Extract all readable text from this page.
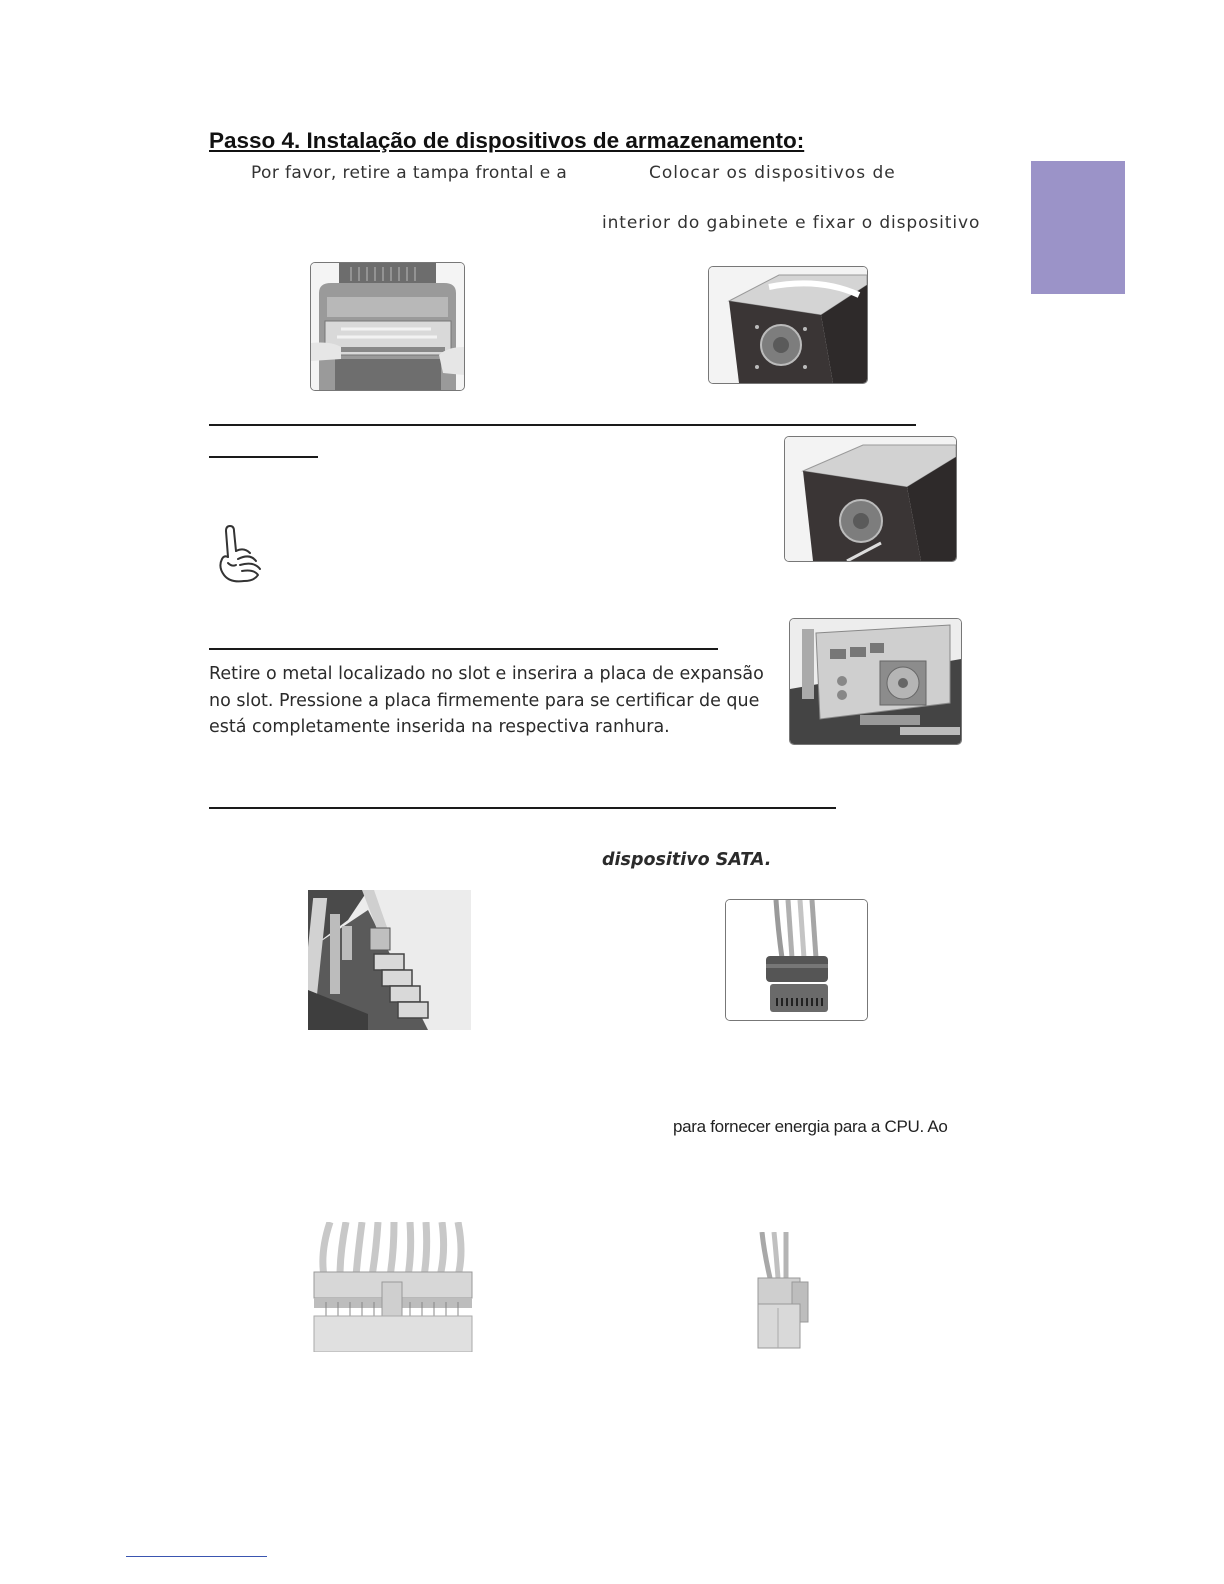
Passo 4. Instalação de dispositivos de armazenamento:
Por favor, retire a tampa frontal e a	Colocar os dispositivos de
interior do gabinete e fixar o dispositivo
Retire o metal localizado no slot e inserira a placa de expansão
no slot. Pressione a placa firmemente para se certificar de que
está completamente inserida na respectiva ranhura.
dispositivo SATA.
para fornecer energia para a CPU. Ao
